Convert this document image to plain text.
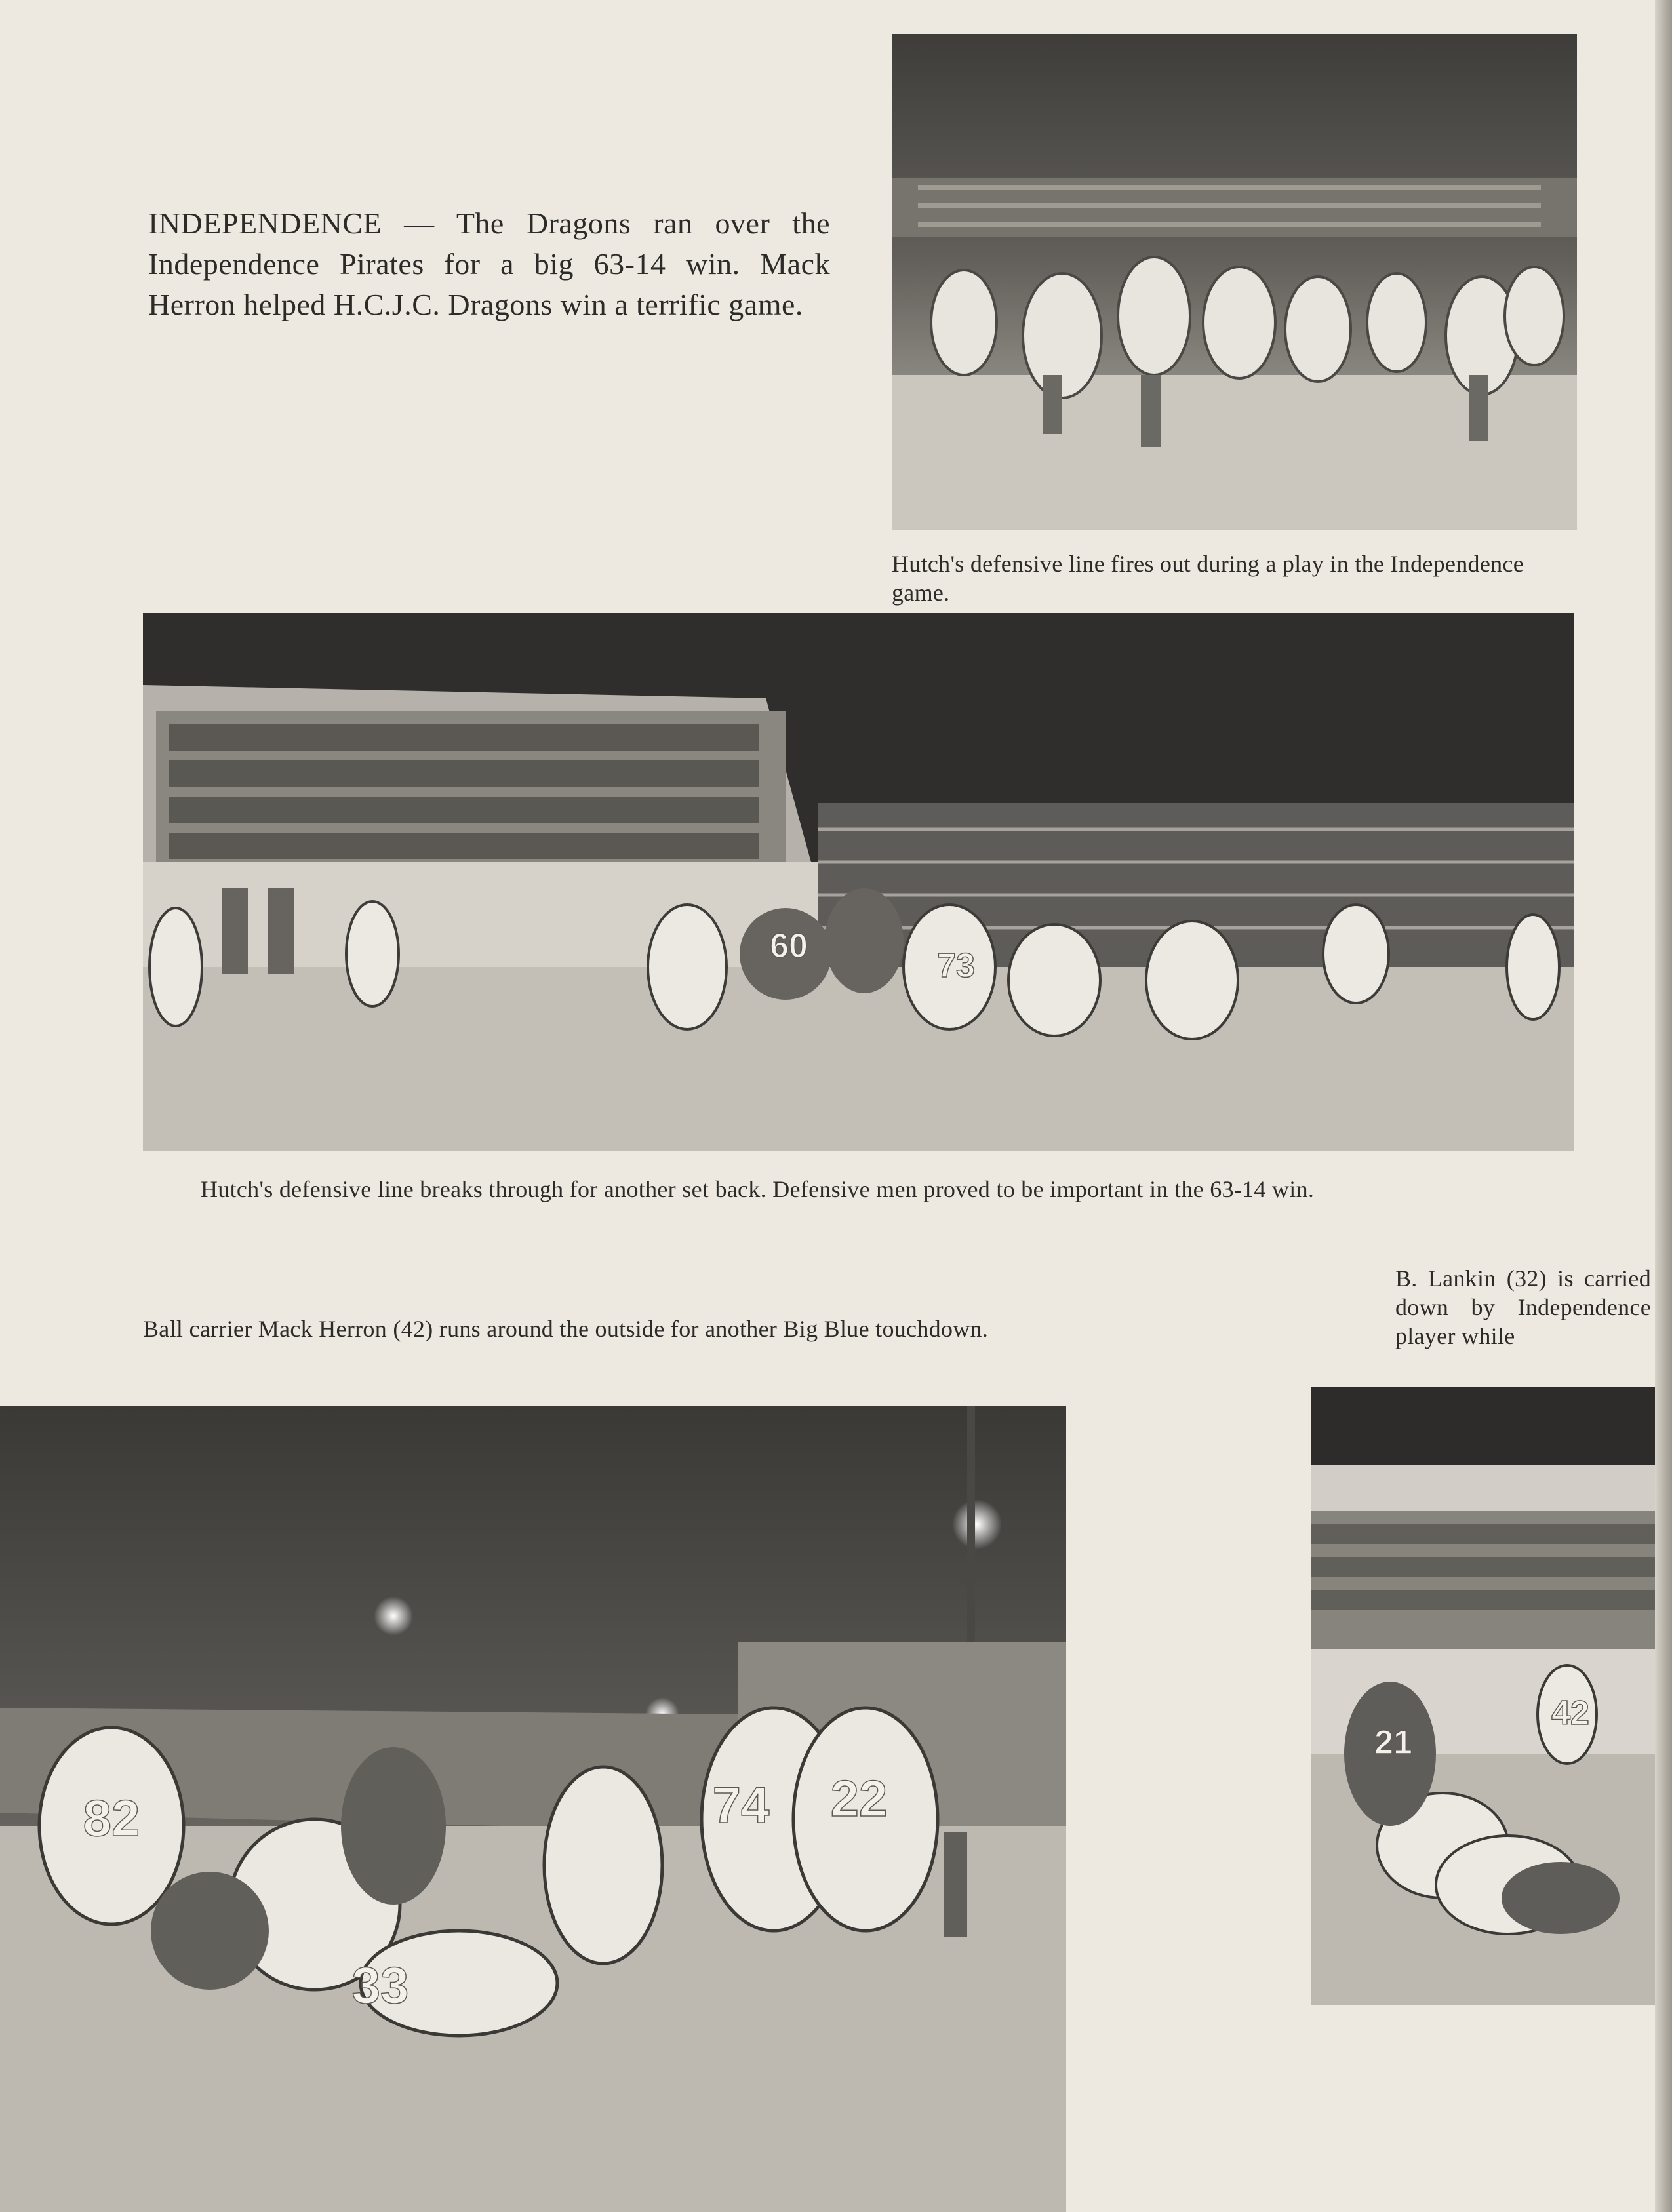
INDEPENDENCE — The Dragons ran over the Independence Pirates for a big 63-14 win. Mack Herron helped H.C.J.C. Dragons win a terrific game.
Hutch's defensive line fires out during a play in the Independence game.
60
73
Hutch's defensive line breaks through for another set back. Defensive men proved to be important in the 63-14 win.
Ball carrier Mack Herron (42) runs around the outside for another Big Blue touchdown.
82	74 22
33
B. Lankin (32) is carried down by Independence player while
21
42
